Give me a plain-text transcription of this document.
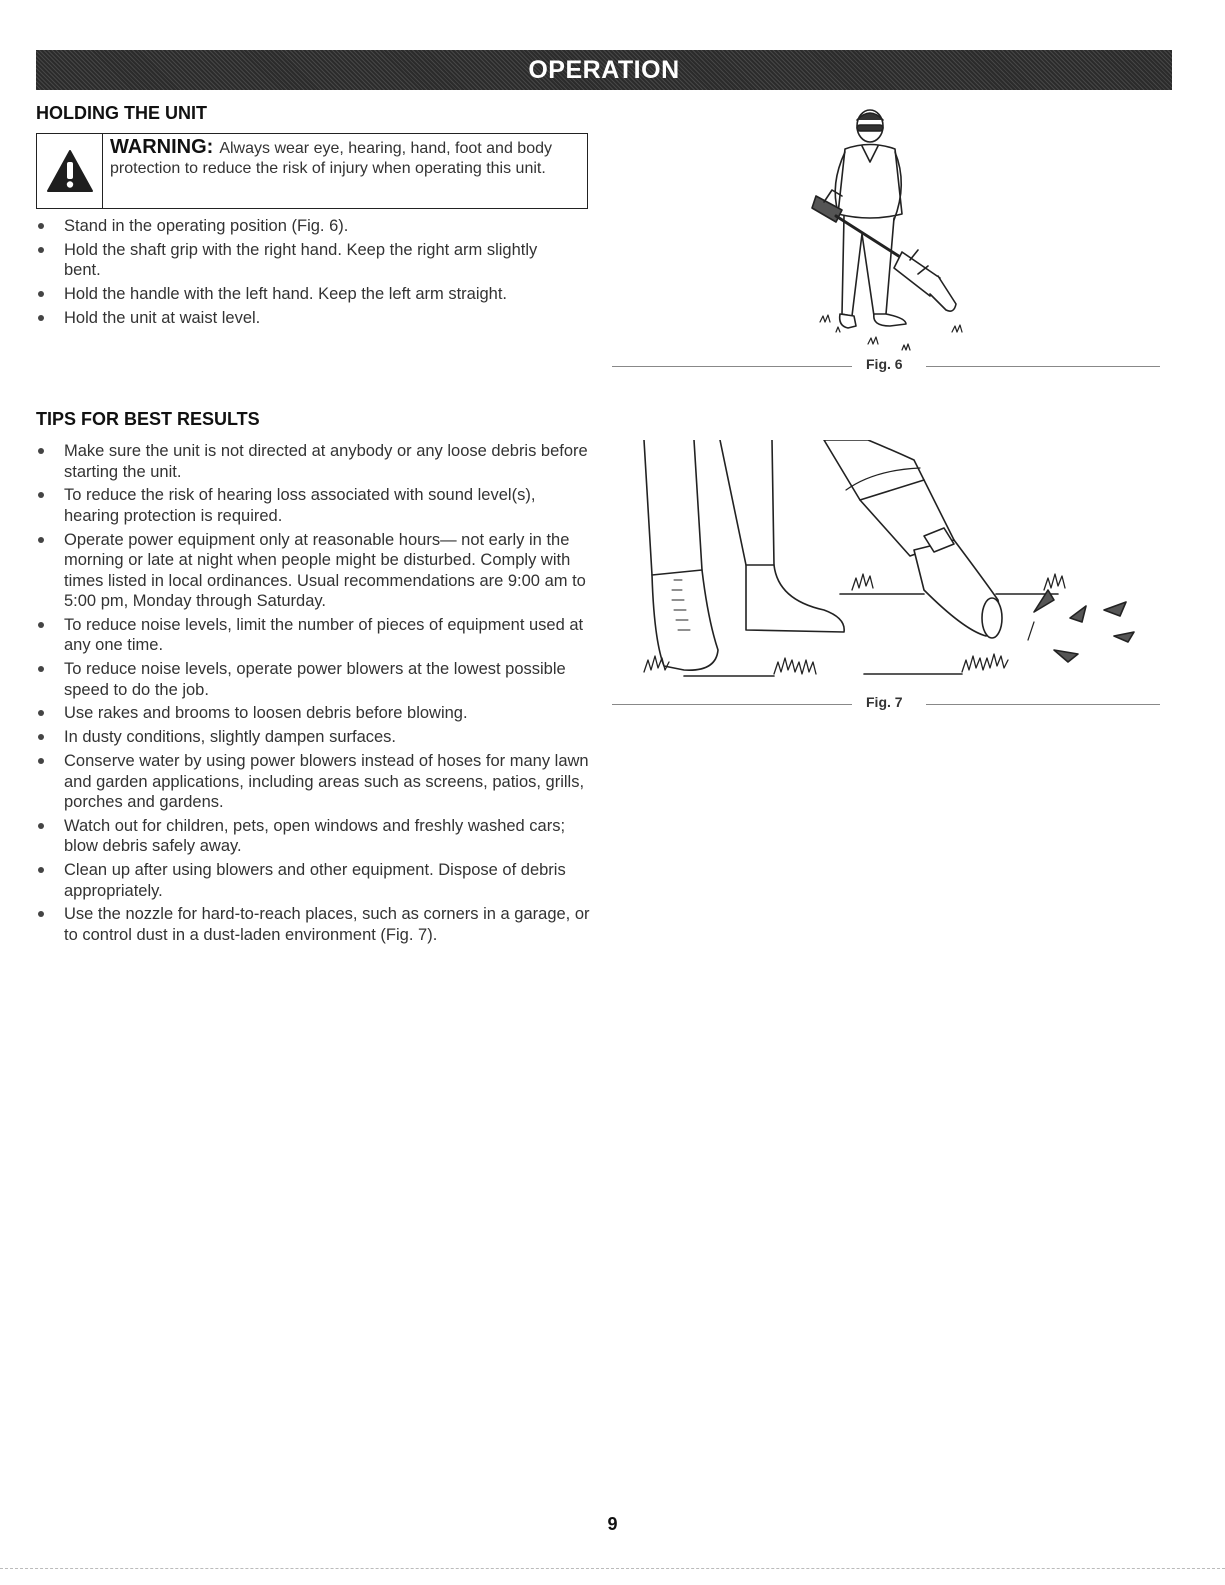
OPERATION
HOLDING THE UNIT
WARNING: Always wear eye, hearing, hand, foot and body protection to reduce the risk of injury when operating this unit.
Stand in the operating position (Fig. 6).
Hold the shaft grip with the right hand. Keep the right arm slightly bent.
Hold the handle with the left hand. Keep the left arm straight.
Hold the unit at waist level.
Fig. 6
TIPS FOR BEST RESULTS
Make sure the unit is not directed at anybody or any loose debris before starting the unit.
To reduce the risk of hearing loss associated with sound level(s), hearing protection is required.
Operate power equipment only at reasonable hours— not early in the morning or late at night when people might be disturbed. Comply with times listed in local ordinances. Usual recommendations are 9:00 am to 5:00 pm, Monday through Saturday.
To reduce noise levels, limit the number of pieces of equipment used at any one time.
To reduce noise levels, operate power blowers at the lowest possible speed to do the job.
Use rakes and brooms to loosen debris before blowing.
In dusty conditions, slightly dampen surfaces.
Conserve water by using power blowers instead of hoses for many lawn and garden applications, including areas such as screens, patios, grills, porches and gardens.
Watch out for children, pets, open windows and freshly washed cars; blow debris safely away.
Clean up after using blowers and other equipment. Dispose of debris appropriately.
Use the nozzle for hard-to-reach places, such as corners in a garage, or to control dust in a dust-laden environment (Fig. 7).
Fig. 7
9
